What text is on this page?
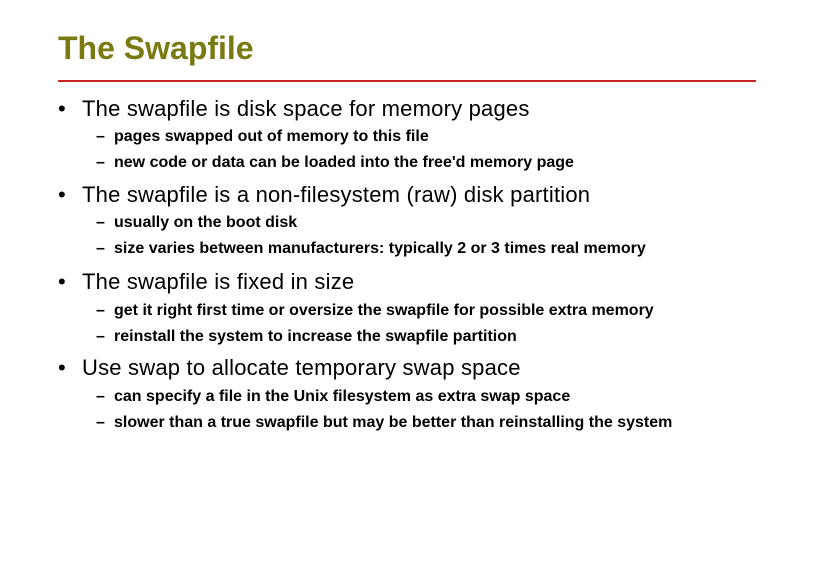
The Swapfile
• The swapfile is disk space for memory pages
– pages swapped out of memory to this file
– new code or data can be loaded into the free'd memory page
• The swapfile is a non-filesystem (raw) disk partition
– usually on the boot disk
– size varies between manufacturers: typically 2 or 3 times real memory
• The swapfile is fixed in size
– get it right first time or oversize the swapfile for possible extra memory
– reinstall the system to increase the swapfile partition
• Use swap to allocate temporary swap space
– can specify a file in the Unix filesystem as extra swap space
– slower than a true swapfile but may be better than reinstalling the system
